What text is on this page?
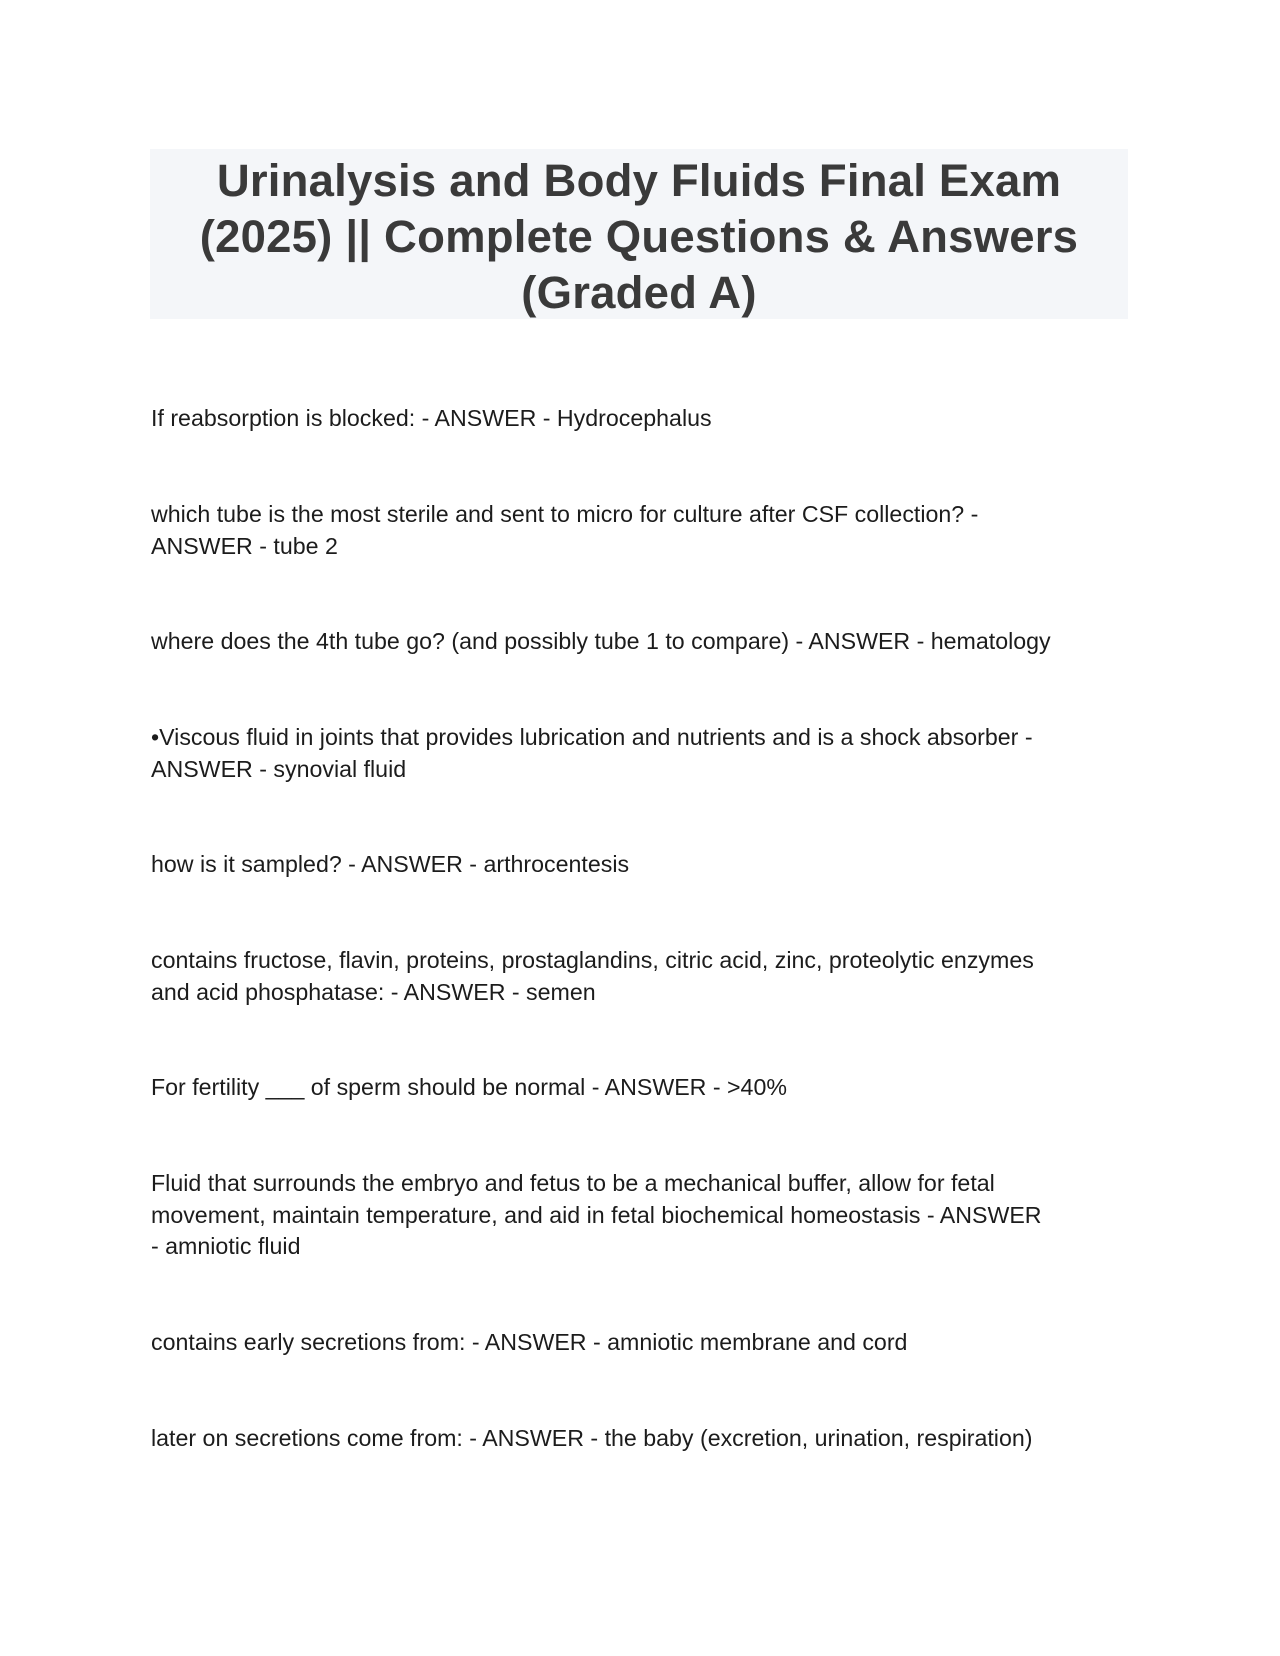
Urinalysis and Body Fluids Final Exam
(2025) || Complete Questions & Answers
(Graded A)

If reabsorption is blocked: - ANSWER - Hydrocephalus

which tube is the most sterile and sent to micro for culture after CSF collection? -
ANSWER - tube 2

where does the 4th tube go? (and possibly tube 1 to compare) - ANSWER - hematology

•Viscous fluid in joints that provides lubrication and nutrients and is a shock absorber -
ANSWER - synovial fluid

how is it sampled? - ANSWER - arthrocentesis

contains fructose, flavin, proteins, prostaglandins, citric acid, zinc, proteolytic enzymes
and acid phosphatase: - ANSWER - semen

For fertility ___ of sperm should be normal - ANSWER - >40%

Fluid that surrounds the embryo and fetus to be a mechanical buffer, allow for fetal
movement, maintain temperature, and aid in fetal biochemical homeostasis - ANSWER
- amniotic fluid

contains early secretions from: - ANSWER - amniotic membrane and cord

later on secretions come from: - ANSWER - the baby (excretion, urination, respiration)
